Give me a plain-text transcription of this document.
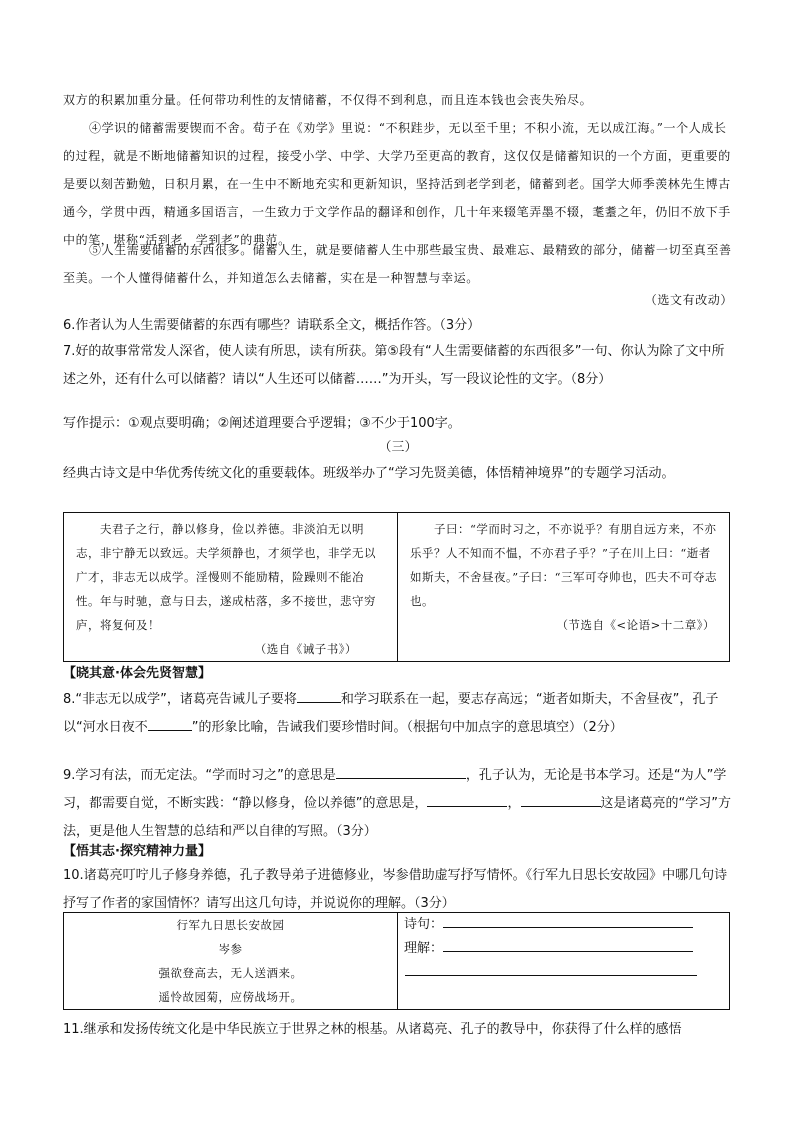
双方的积累加重分量。任何带功利性的友情储蓄，不仅得不到利息，而且连本钱也会丧失殆尽。
④学识的储蓄需要锲而不舍。荀子在《劝学》里说：“不积跬步，无以至千里；不积小流，无以成江海。”一个人成长的过程，就是不断地储蓄知识的过程，接受小学、中学、大学乃至更高的教育，这仅仅是储蓄知识的一个方面，更重要的是要以刻苦勤勉，日积月累，在一生中不断地充实和更新知识，坚持活到老学到老，储蓄到老。国学大师季羡林先生博古通今，学贯中西，精通多国语言，一生致力于文学作品的翻译和创作，几十年来辍笔弄墨不辍，耄耋之年，仍旧不放下手中的笔，堪称“活到老，学到老”的典范。
⑤人生需要储蓄的东西很多。储蓄人生，就是要储蓄人生中那些最宝贵、最难忘、最精致的部分，储蓄一切至真至善至美。一个人懂得储蓄什么，并知道怎么去储蓄，实在是一种智慧与幸运。
（选文有改动）
6.作者认为人生需要储蓄的东西有哪些？请联系全文，概括作答。（3分）
7.好的故事常常发人深省，使人读有所思，读有所获。第⑤段有“人生需要储蓄的东西很多”一句、你认为除了文中所述之外，还有什么可以储蓄？请以“人生还可以储蓄……”为开头，写一段议论性的文字。（8分）
写作提示：①观点要明确；②阐述道理要合乎逻辑；③不少于100字。
（三）
经典古诗文是中华优秀传统文化的重要载体。班级举办了“学习先贤美德，体悟精神境界”的专题学习活动。
夫君子之行，静以修身，俭以养德。非淡泊无以明志，非宁静无以致远。夫学须静也，才须学也，非学无以广才，非志无以成学。淫慢则不能励精，险躁则不能冶性。年与时驰，意与日去，遂成枯落，多不接世，悲守穷庐，将复何及！
（选自《诫子书》）

子曰：“学而时习之，不亦说乎？有朋自远方来，不亦乐乎？人不知而不愠，不亦君子乎？”子在川上曰：“逝者如斯夫，不舍昼夜。”子曰：“三军可夺帅也，匹夫不可夺志也。
（节选自《<论语>十二章》）
【晓其意·体会先贤智慧】
8.“非志无以成学”，诸葛亮告诫儿子要将	和学习联系在一起，要志存高远；“逝者如斯夫，不舍昼夜”，孔子以“河水日夜不	”的形象比喻，告诫我们要珍惜时间。（根据句中加点字的意思填空）（2分）
9.学习有法，而无定法。“学而时习之”的意思是	，孔子认为，无论是书本学习。还是“为人”学习，都需要自觉，不断实践：“静以修身，俭以养德”的意思是，	，	这是诸葛亮的“学习”方法，更是他人生智慧的总结和严以自律的写照。（3分）
【悟其志·探究精神力量】
10.诸葛亮叮咛儿子修身养德，孔子教导弟子进德修业，岑参借助虚写抒写情怀。《行军九日思长安故园》中哪几句诗抒写了作者的家国情怀？请写出这几句诗，并说说你的理解。（3分）
行军九日思长安故园
岑参
强欲登高去，无人送酒来。
遥怜故园菊，应傍战场开。

诗句：
理解：
11.继承和发扬传统文化是中华民族立于世界之林的根基。从诸葛亮、孔子的教导中，你获得了什么样的感悟
